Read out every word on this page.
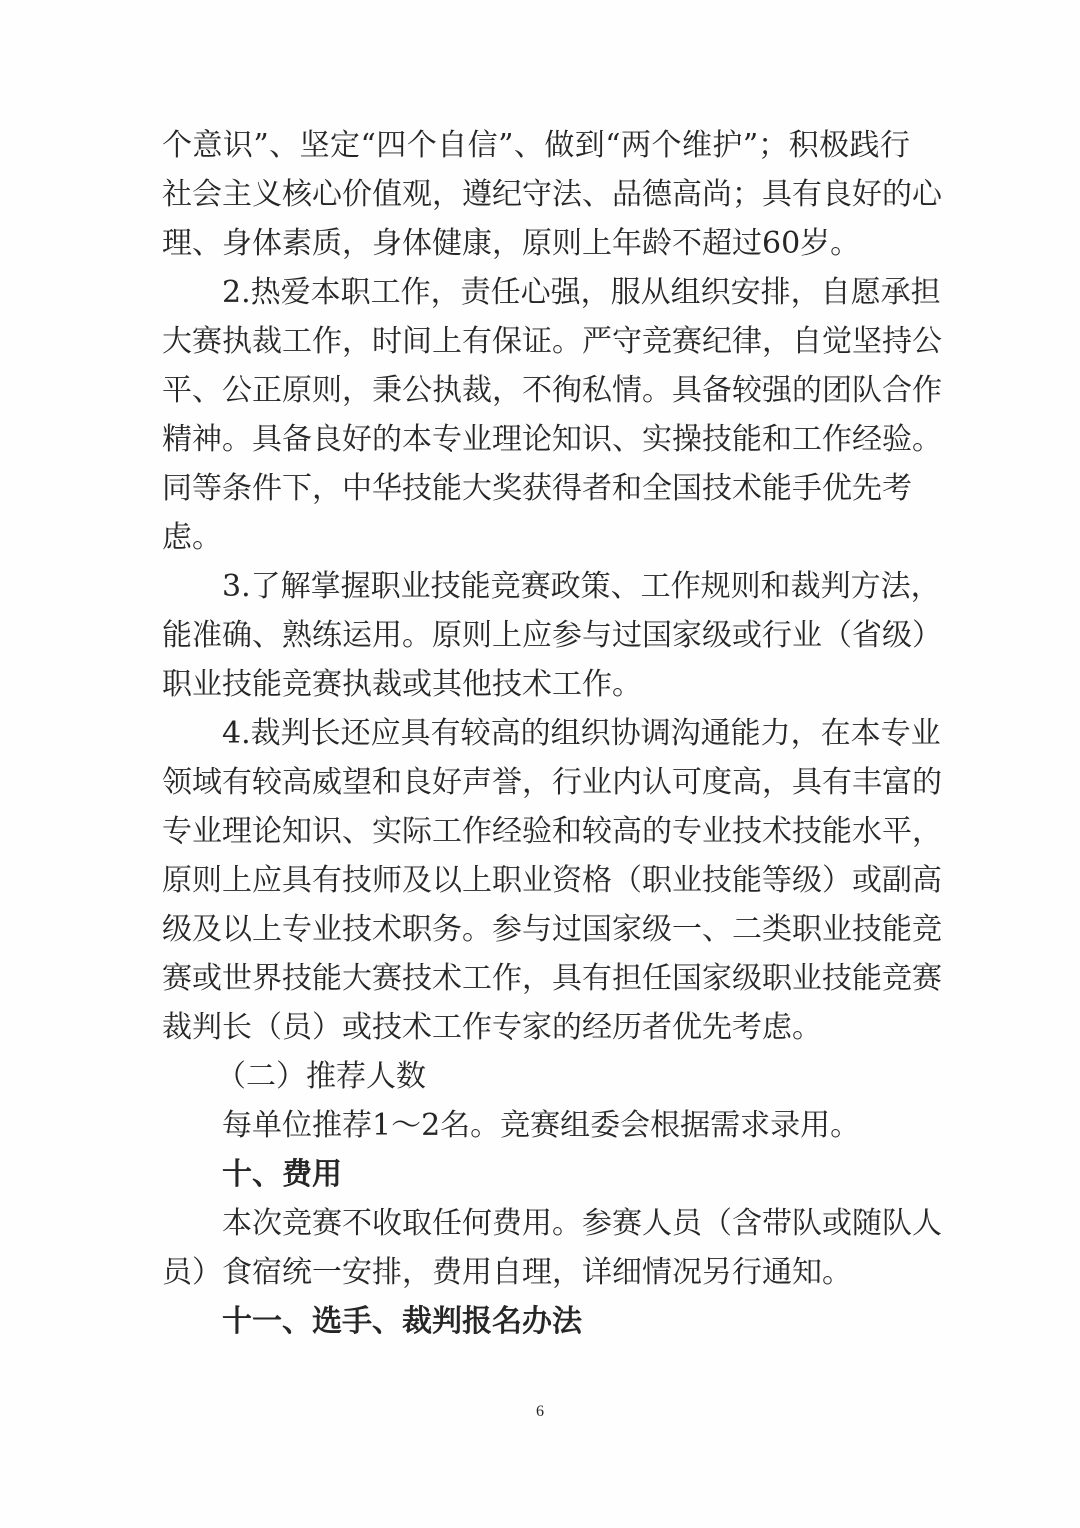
个意识”、坚定“四个自信”、做到“两个维护”；积极践行
社会主义核心价值观，遵纪守法、品德高尚；具有良好的心
理、身体素质，身体健康，原则上年龄不超过60岁。
2.热爱本职工作，责任心强，服从组织安排，自愿承担
大赛执裁工作，时间上有保证。严守竞赛纪律，自觉坚持公
平、公正原则，秉公执裁，不徇私情。具备较强的团队合作
精神。具备良好的本专业理论知识、实操技能和工作经验。
同等条件下，中华技能大奖获得者和全国技术能手优先考
虑。
3.了解掌握职业技能竞赛政策、工作规则和裁判方法，
能准确、熟练运用。原则上应参与过国家级或行业（省级）
职业技能竞赛执裁或其他技术工作。
4.裁判长还应具有较高的组织协调沟通能力，在本专业
领域有较高威望和良好声誉，行业内认可度高，具有丰富的
专业理论知识、实际工作经验和较高的专业技术技能水平，
原则上应具有技师及以上职业资格（职业技能等级）或副高
级及以上专业技术职务。参与过国家级一、二类职业技能竞
赛或世界技能大赛技术工作，具有担任国家级职业技能竞赛
裁判长（员）或技术工作专家的经历者优先考虑。
（二）推荐人数
每单位推荐1～2名。竞赛组委会根据需求录用。
十、费用
本次竞赛不收取任何费用。参赛人员（含带队或随队人
员）食宿统一安排，费用自理，详细情况另行通知。
十一、选手、裁判报名办法
6
